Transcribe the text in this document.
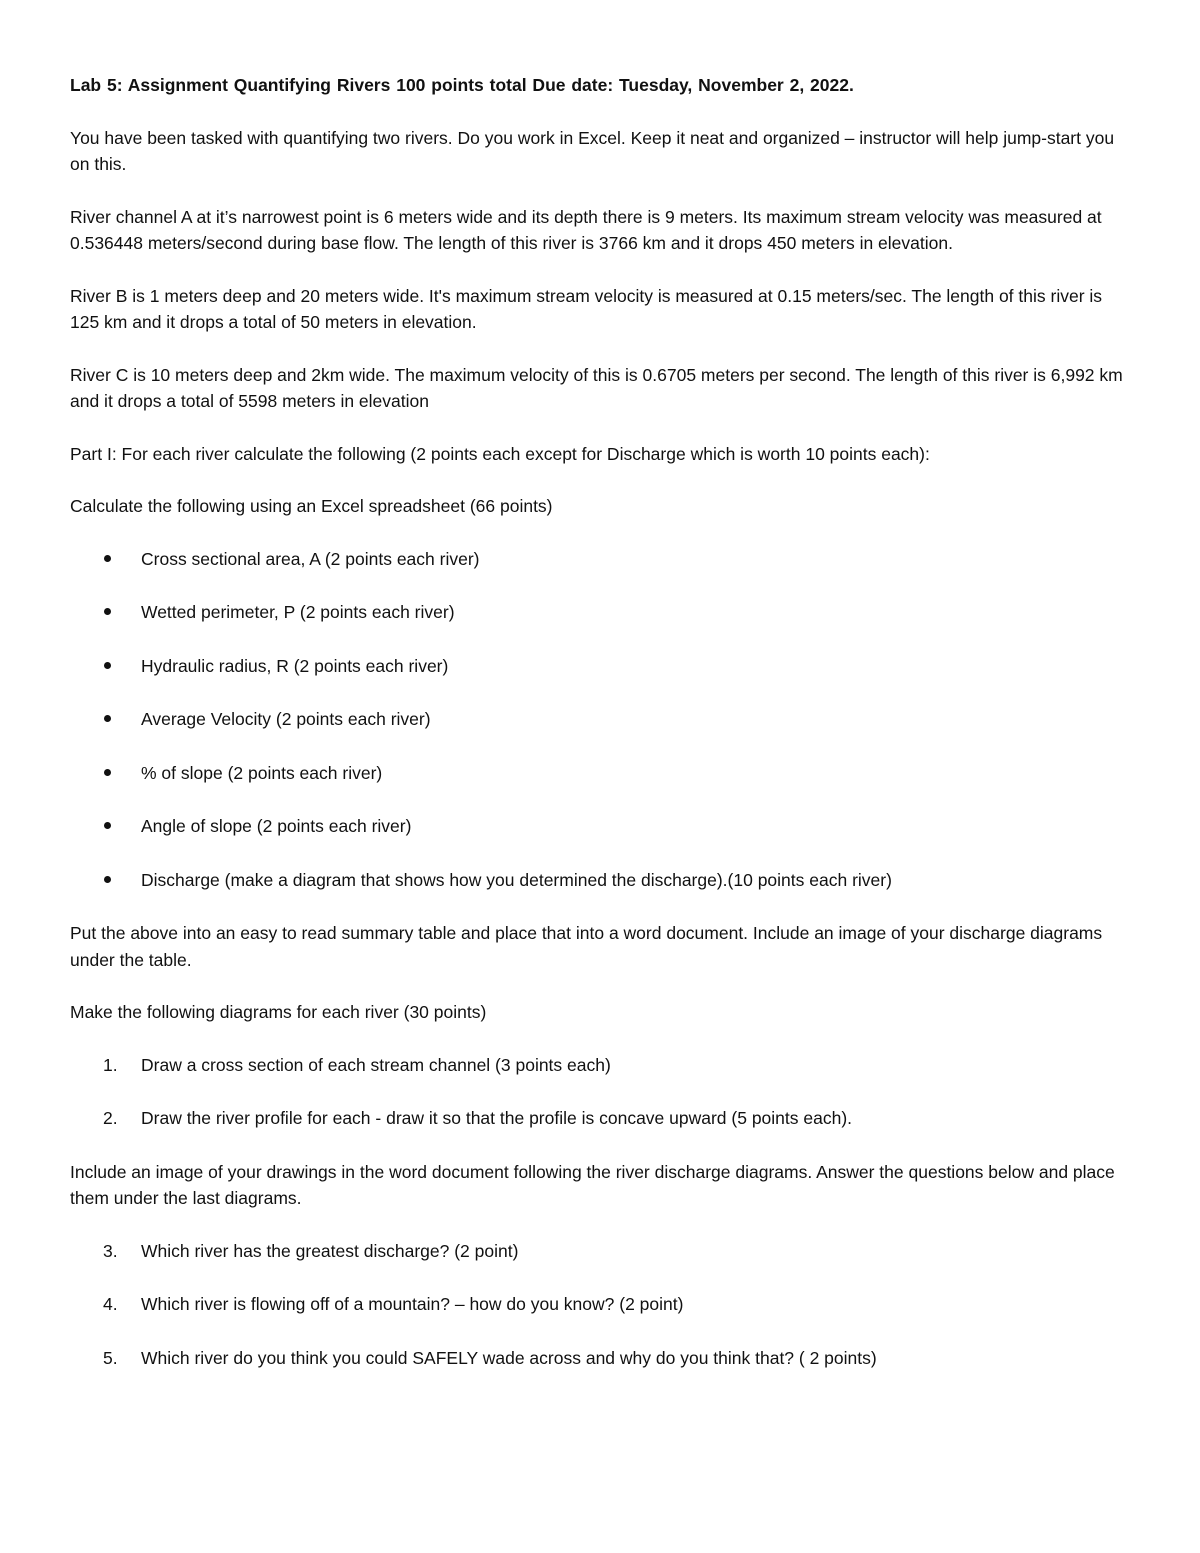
Lab 5: Assignment Quantifying Rivers 100 points total Due date: Tuesday, November 2, 2022.

You have been tasked with quantifying two rivers. Do you work in Excel. Keep it neat and organized – instructor will help jump-start you on this.

River channel A at it’s narrowest point is 6 meters wide and its depth there is 9 meters. Its maximum stream velocity was measured at 0.536448 meters/second during base flow. The length of this river is 3766 km and it drops 450 meters in elevation.

River B is 1 meters deep and 20 meters wide. It's maximum stream velocity is measured at 0.15 meters/sec. The length of this river is 125 km and it drops a total of 50 meters in elevation.

River C is 10 meters deep and 2km wide. The maximum velocity of this is 0.6705 meters per second. The length of this river is 6,992 km and it drops a total of 5598 meters in elevation

Part I: For each river calculate the following (2 points each except for Discharge which is worth 10 points each):

Calculate the following using an Excel spreadsheet (66 points)

Cross sectional area, A (2 points each river)
Wetted perimeter, P (2 points each river)
Hydraulic radius, R (2 points each river)
Average Velocity (2 points each river)
% of slope (2 points each river)
Angle of slope (2 points each river)
Discharge (make a diagram that shows how you determined the discharge).(10 points each river)

Put the above into an easy to read summary table and place that into a word document. Include an image of your discharge diagrams under the table.

Make the following diagrams for each river (30 points)

1. Draw a cross section of each stream channel (3 points each)
2. Draw the river profile for each - draw it so that the profile is concave upward (5 points each).

Include an image of your drawings in the word document following the river discharge diagrams. Answer the questions below and place them under the last diagrams.

3. Which river has the greatest discharge? (2 point)
4. Which river is flowing off of a mountain? – how do you know? (2 point)
5. Which river do you think you could SAFELY wade across and why do you think that? ( 2 points)
